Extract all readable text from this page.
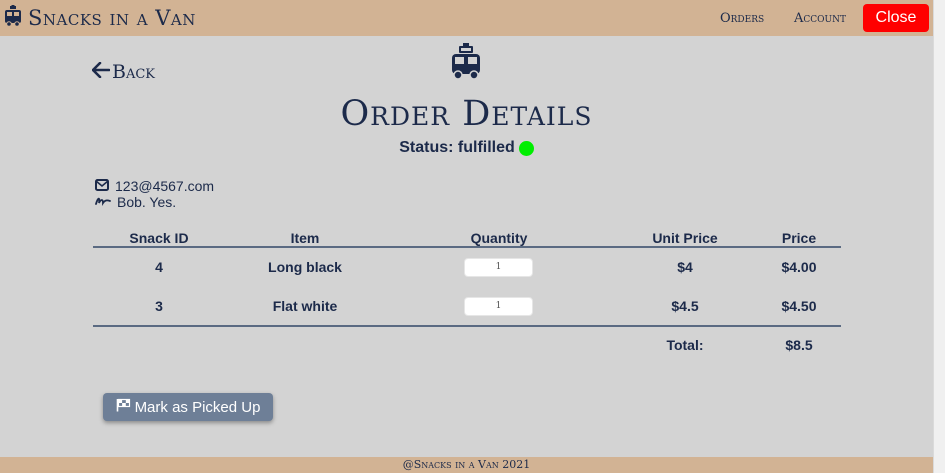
Snacks in a Van	Orders Account	Close
Back
Order Details
Status: fulfilled
123@4567.com
Bob. Yes.
Snack ID	Item	Quantity	Unit Price	Price
4	Long black	1	$4	$4.00
3	Flat white	1	$4.5	$4.50
Total:	$8.5
Mark as Picked Up
@Snacks in a Van 2021
